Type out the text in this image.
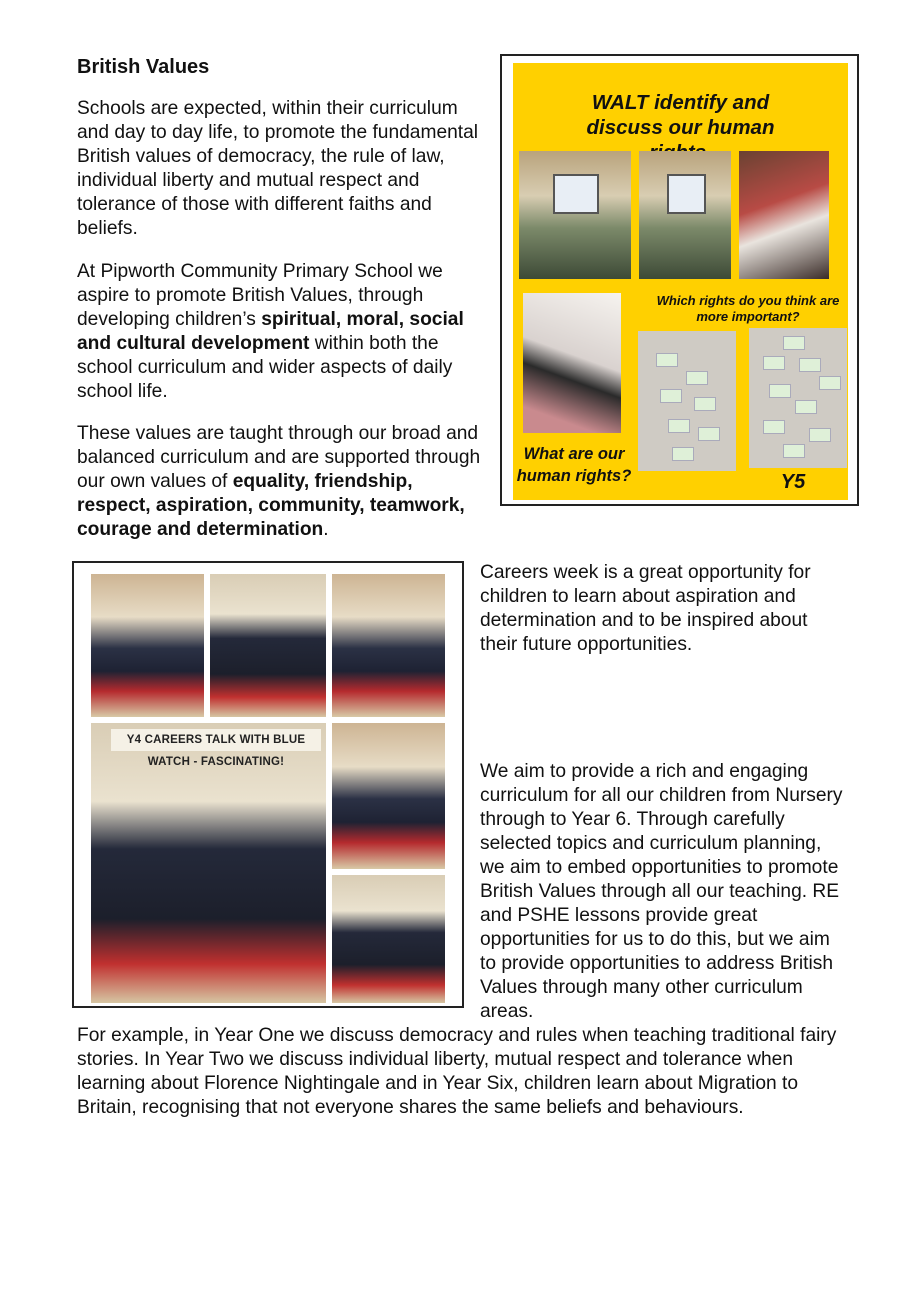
British Values

Schools are expected, within their curriculum and day to day life, to promote the fundamental British values of democracy, the rule of law, individual liberty and mutual respect and tolerance of those with different faiths and beliefs.

At Pipworth Community Primary School we aspire to promote British Values, through developing children’s spiritual, moral, social and cultural development within both the school curriculum and wider aspects of daily school life.

These values are taught through our broad and balanced curriculum and are supported through our own values of equality, friendship, respect, aspiration, community, teamwork, courage and determination.

WALT identify and discuss our human
Which rights do you think are more important?
What are our human rights?	Y5
Y4 CAREERS TALK WITH BLUE WATCH - FASCINATING!

Careers week is a great opportunity for children to learn about aspiration and determination and to be inspired about their future opportunities.

We aim to provide a rich and engaging curriculum for all our children from Nursery through to Year 6. Through carefully selected topics and curriculum planning, we aim to embed opportunities to promote British Values through all our teaching. RE and PSHE lessons provide great opportunities for us to do this, but we aim to provide opportunities to address British Values through many other curriculum areas.

For example, in Year One we discuss democracy and rules when teaching traditional fairy stories. In Year Two we discuss individual liberty, mutual respect and tolerance when learning about Florence Nightingale and in Year Six, children learn about Migration to Britain, recognising that not everyone shares the same beliefs and behaviours.
